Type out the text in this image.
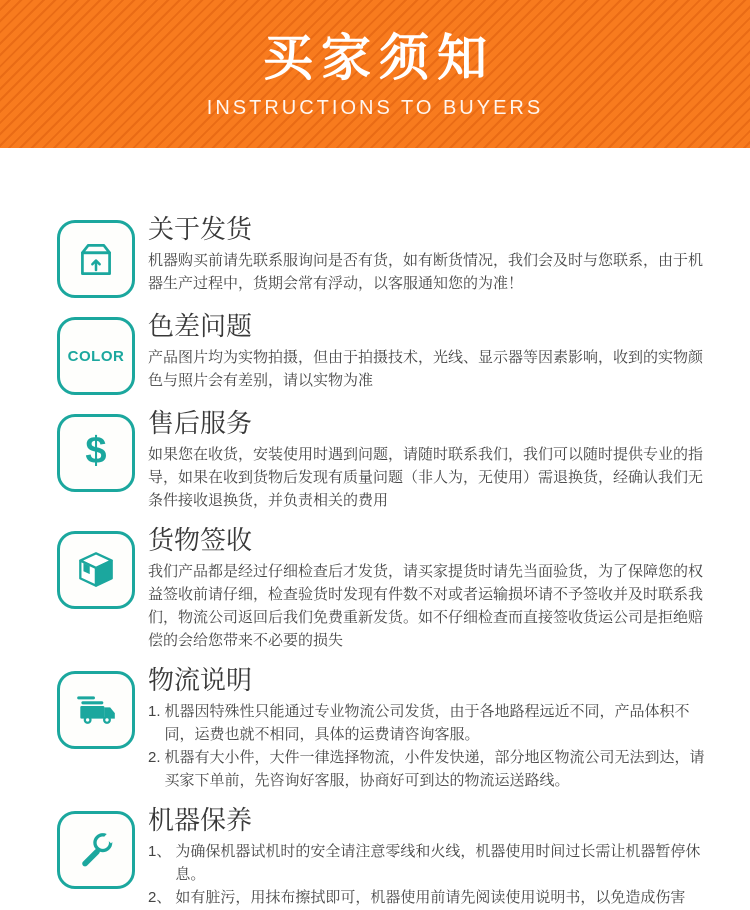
买家须知
INSTRUCTIONS TO BUYERS
关于发货

机器购买前请先联系服询问是否有货，如有断货情况，我们会及时与您联系，由于机器生产过程中，货期会常有浮动，以客服通知您的为准！

COLOR
色差问题

产品图片均为实物拍摄，但由于拍摄技术，光线、显示器等因素影响，收到的实物颜色与照片会有差别，请以实物为准

$
售后服务

如果您在收货，安装使用时遇到问题，请随时联系我们，我们可以随时提供专业的指导，如果在收到货物后发现有质量问题（非人为，无使用）需退换货，经确认我们无条件接收退换货，并负责相关的费用

货物签收

我们产品都是经过仔细检查后才发货，请买家提货时请先当面验货，为了保障您的权益签收前请仔细，检查验货时发现有件数不对或者运输损坏请不予签收并及时联系我们，物流公司返回后我们免费重新发货。如不仔细检查而直接签收货运公司是拒绝赔偿的会给您带来不必要的损失

物流说明
1. 机器因特殊性只能通过专业物流公司发货，由于各地路程远近不同，产品体积不同，运费也就不相同，具体的运费请咨询客服。
2. 机器有大小件，大件一律选择物流，小件发快递，部分地区物流公司无法到达，请买家下单前，先咨询好客服，协商好可到达的物流运送路线。
机器保养
1、 为确保机器试机时的安全请注意零线和火线，机器使用时间过长需让机器暂停休息。
2、 如有脏污，用抹布擦拭即可，机器使用前请先阅读使用说明书，以免造成伤害
